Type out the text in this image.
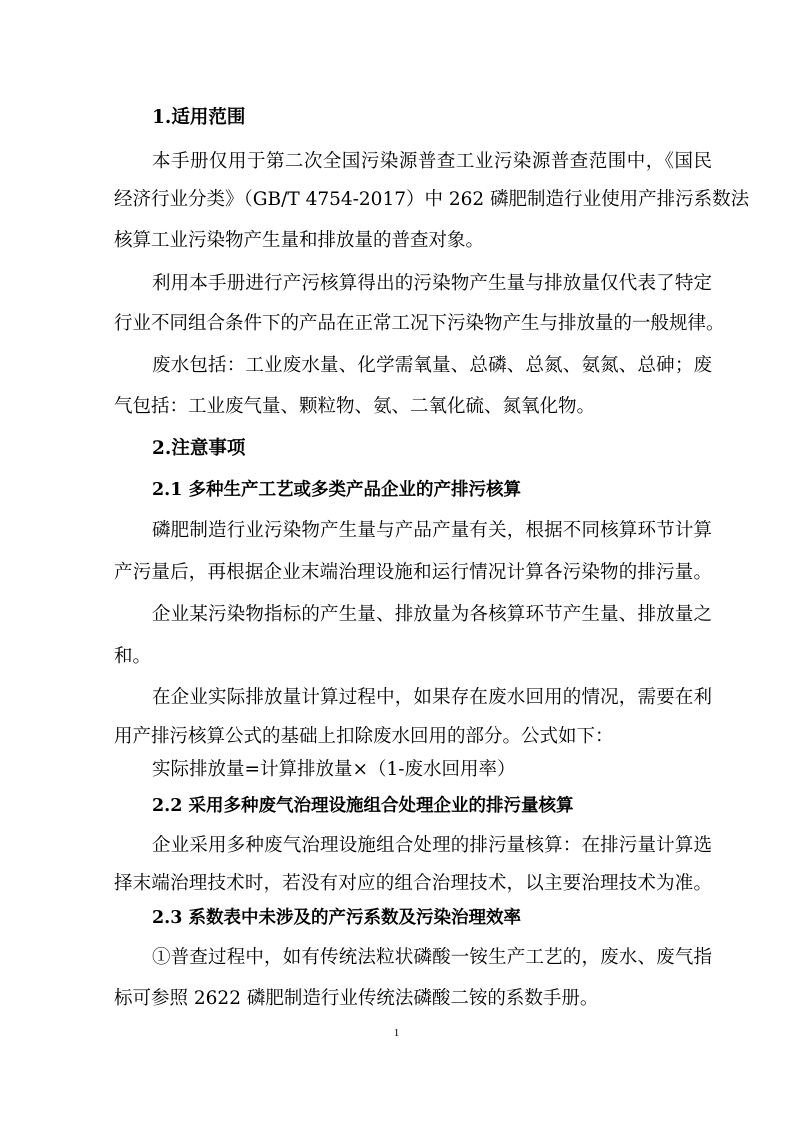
1.适用范围
本手册仅用于第二次全国污染源普查工业污染源普查范围中，《国民
经济行业分类》（GB/T 4754-2017）中 262 磷肥制造行业使用产排污系数法
核算工业污染物产生量和排放量的普查对象。
利用本手册进行产污核算得出的污染物产生量与排放量仅代表了特定
行业不同组合条件下的产品在正常工况下污染物产生与排放量的一般规律。
废水包括：工业废水量、化学需氧量、总磷、总氮、氨氮、总砷；废
气包括：工业废气量、颗粒物、氨、二氧化硫、氮氧化物。
2.注意事项
2.1 多种生产工艺或多类产品企业的产排污核算
磷肥制造行业污染物产生量与产品产量有关，根据不同核算环节计算
产污量后，再根据企业末端治理设施和运行情况计算各污染物的排污量。
企业某污染物指标的产生量、排放量为各核算环节产生量、排放量之
和。
在企业实际排放量计算过程中，如果存在废水回用的情况，需要在利
用产排污核算公式的基础上扣除废水回用的部分。公式如下：
实际排放量=计算排放量×（1-废水回用率）
2.2 采用多种废气治理设施组合处理企业的排污量核算
企业采用多种废气治理设施组合处理的排污量核算：在排污量计算选
择末端治理技术时，若没有对应的组合治理技术，以主要治理技术为准。
2.3 系数表中未涉及的产污系数及污染治理效率
①普查过程中，如有传统法粒状磷酸一铵生产工艺的，废水、废气指
标可参照 2622 磷肥制造行业传统法磷酸二铵的系数手册。
1
